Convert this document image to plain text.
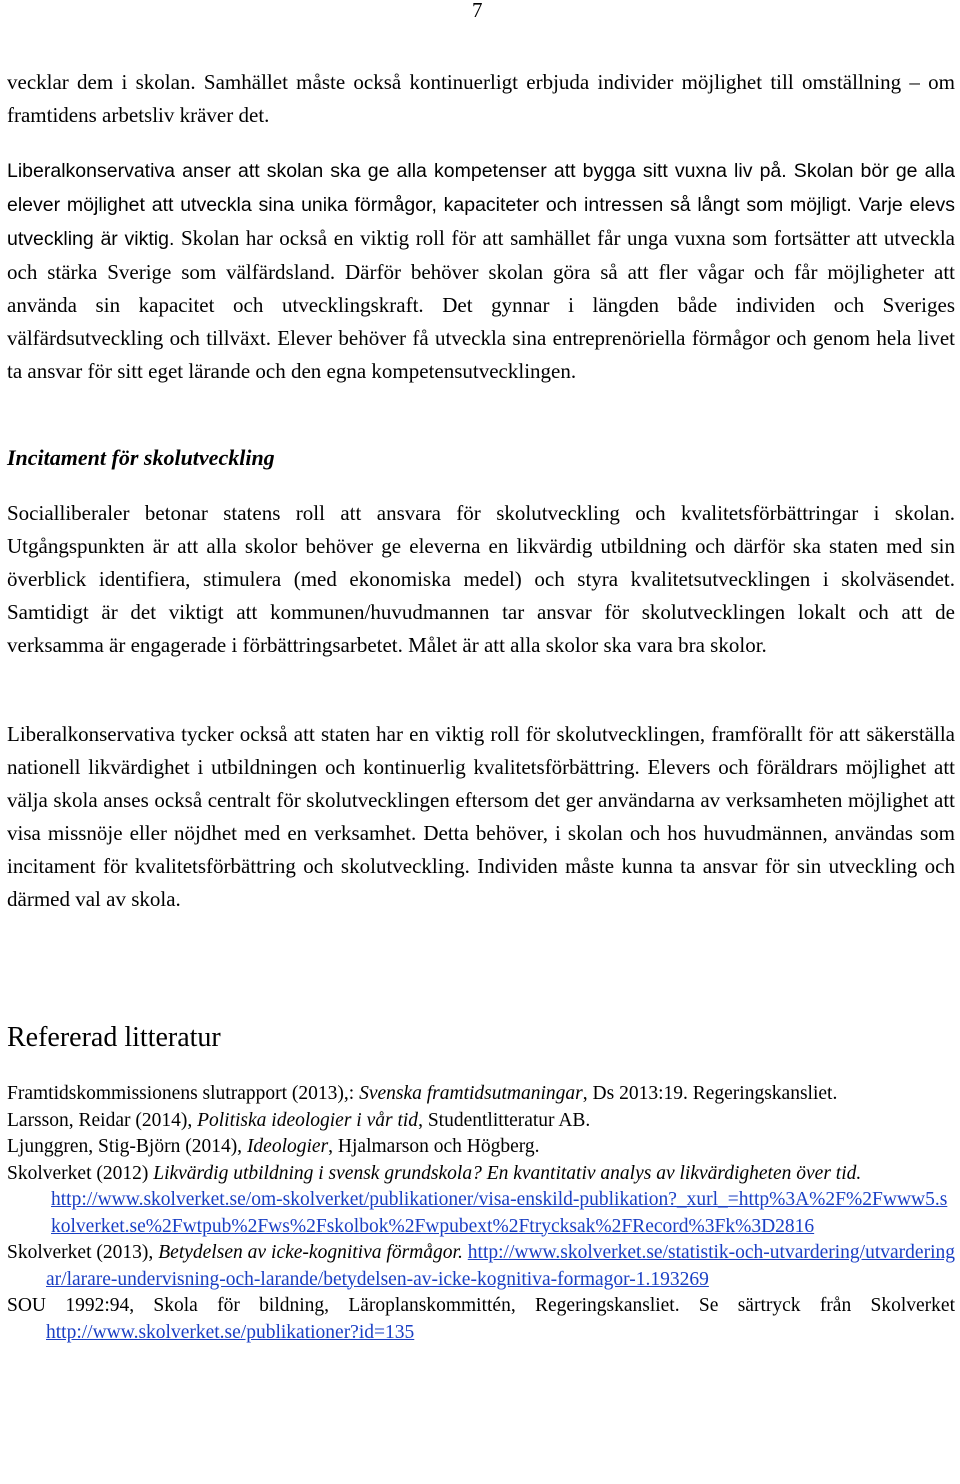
7

vecklar dem i skolan. Samhället måste också kontinuerligt erbjuda individer möjlighet till omställning – om framtidens arbetsliv kräver det.

Liberalkonservativa anser att skolan ska ge alla kompetenser att bygga sitt vuxna liv på. Skolan bör ge alla elever möjlighet att utveckla sina unika förmågor, kapaciteter och intressen så långt som möjligt. Varje elevs utveckling är viktig. Skolan har också en viktig roll för att samhället får unga vuxna som fortsätter att utveckla och stärka Sverige som välfärdsland. Därför behöver skolan göra så att fler vågar och får möjligheter att använda sin kapacitet och utvecklingskraft. Det gynnar i längden både individen och Sveriges välfärdsutveckling och tillväxt. Elever behöver få utveckla sina entreprenöriella förmågor och genom hela livet ta ansvar för sitt eget lärande och den egna kompetensutvecklingen.

Incitament för skolutveckling

Socialliberaler betonar statens roll att ansvara för skolutveckling och kvalitetsförbättringar i skolan. Utgångspunkten är att alla skolor behöver ge eleverna en likvärdig utbildning och därför ska staten med sin överblick identifiera, stimulera (med ekonomiska medel) och styra kvalitetsutvecklingen i skolväsendet. Samtidigt är det viktigt att kommunen/huvudmannen tar ansvar för skolutvecklingen lokalt och att de verksamma är engagerade i förbättringsarbetet. Målet är att alla skolor ska vara bra skolor.

Liberalkonservativa tycker också att staten har en viktig roll för skolutvecklingen, framförallt för att säkerställa nationell likvärdighet i utbildningen och kontinuerlig kvalitetsförbättring. Elevers och föräldrars möjlighet att välja skola anses också centralt för skolutvecklingen eftersom det ger användarna av verksamheten möjlighet att visa missnöje eller nöjdhet med en verksamhet. Detta behöver, i skolan och hos huvudmännen, användas som incitament för kvalitetsförbättring och skolutveckling. Individen måste kunna ta ansvar för sin utveckling och därmed val av skola.

Refererad litteratur

Framtidskommissionens slutrapport (2013),: Svenska framtidsutmaningar, Ds 2013:19. Regeringskansliet.

Larsson, Reidar (2014), Politiska ideologier i vår tid, Studentlitteratur AB.

Ljunggren, Stig-Björn (2014), Ideologier, Hjalmarson och Högberg.

Skolverket (2012) Likvärdig utbildning i svensk grundskola? En kvantitativ analys av likvärdigheten över tid.
http://www.skolverket.se/om-skolverket/publikationer/visa-enskild-publikation?_xurl_=http%3A%2F%2Fwww5.skolverket.se%2Fwtpub%2Fws%2Fskolbok%2Fwpubext%2Ftrycksak%2FRecord%3Fk%3D2816

Skolverket (2013), Betydelsen av icke-kognitiva förmågor. http://www.skolverket.se/statistik-och-utvardering/utvarderingar/larare-undervisning-och-larande/betydelsen-av-icke-kognitiva-formagor-1.193269

SOU 1992:94, Skola för bildning, Läroplanskommittén, Regeringskansliet. Se särtryck från Skolverket http://www.skolverket.se/publikationer?id=135
